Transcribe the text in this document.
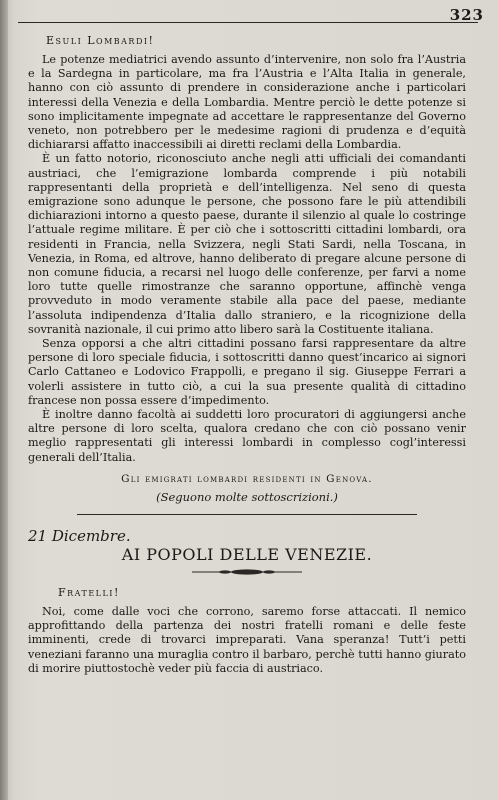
323
Esuli Lombardi!

Le potenze mediatrici avendo assunto d’intervenire, non solo fra l’Austria e la Sardegna in particolare, ma fra l’Austria e l’Alta Italia in generale, hanno con ciò assunto di prendere in considerazione anche i particolari interessi della Venezia e della Lombardia. Mentre perciò le dette potenze si sono implicitamente impegnate ad accettare le rappresentanze del Governo veneto, non potrebbero per le medesime ragioni di prudenza e d’equità dichiararsi affatto inaccessibili ai diretti reclami della Lombardia.

È un fatto notorio, riconosciuto anche negli atti ufficiali dei comandanti austriaci, che l’emigrazione lombarda comprende i più notabili rappresentanti della proprietà e dell’intelligenza. Nel seno di questa emigrazione sono adunque le persone, che possono fare le più attendibili dichiarazioni intorno a questo paese, durante il silenzio al quale lo costringe l’attuale regime militare. È per ciò che i sottoscritti cittadini lombardi, ora residenti in Francia, nella Svizzera, negli Stati Sardi, nella Toscana, in Venezia, in Roma, ed altrove, hanno deliberato di pregare alcune persone di non comune fiducia, a recarsi nel luogo delle conferenze, per farvi a nome loro tutte quelle rimostranze che saranno opportune, affinchè venga provveduto in modo veramente stabile alla pace del paese, mediante l’assoluta indipendenza d’Italia dallo straniero, e la ricognizione della sovranità nazionale, il cui primo atto libero sarà la Costituente italiana.

Senza opporsi a che altri cittadini possano farsi rappresentare da altre persone di loro speciale fiducia, i sottoscritti danno quest’incarico ai signori Carlo Cattaneo e Lodovico Frappolli, e pregano il sig. Giuseppe Ferrari a volerli assistere in tutto ciò, a cui la sua presente qualità di cittadino francese non possa essere d’impedimento.

È inoltre danno facoltà ai suddetti loro procuratori di aggiungersi anche altre persone di loro scelta, qualora credano che con ciò possano venir meglio rappresentati gli interessi lombardi in complesso cogl’interessi generali dell’Italia.

Gli emigrati lombardi residenti in Genova.
(Seguono molte sottoscrizioni.)
21 Dicembre.
AI POPOLI DELLE VENEZIE.
Fratelli!

Noi, come dalle voci che corrono, saremo forse attaccati. Il nemico approfittando della partenza dei nostri fratelli romani e delle feste imminenti, crede di trovarci impreparati. Vana speranza! Tutt’i petti veneziani faranno una muraglia contro il barbaro, perchè tutti hanno giurato di morire piuttostochè veder più faccia di austriaco.
